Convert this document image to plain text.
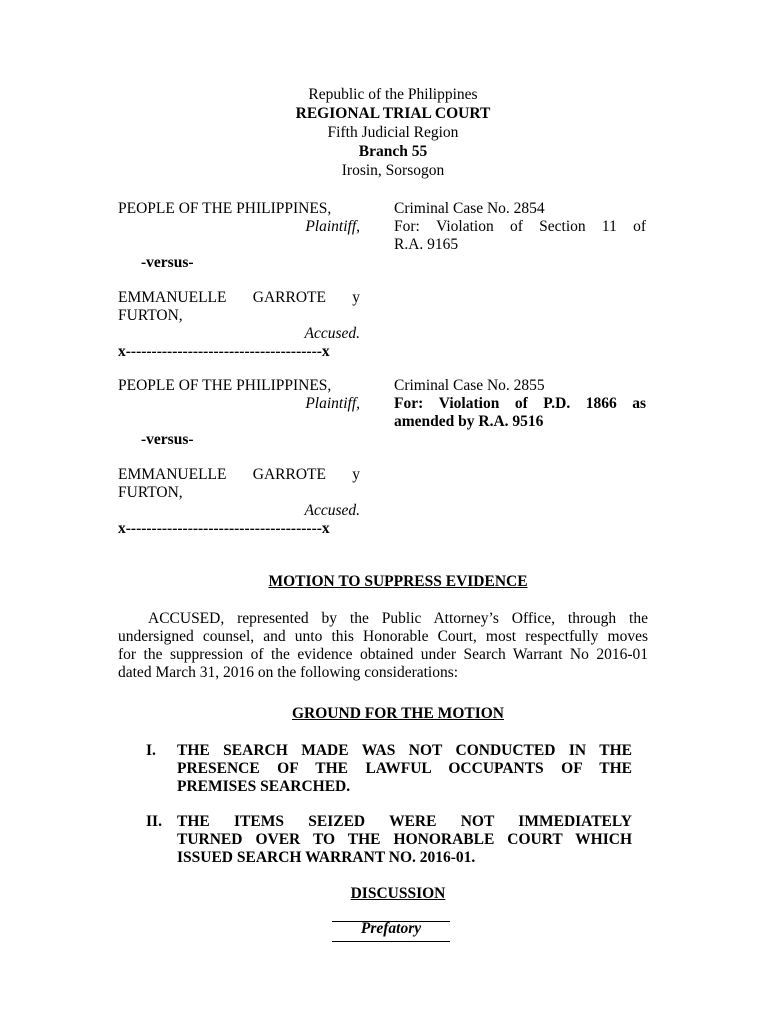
Republic of the Philippines
REGIONAL TRIAL COURT
Fifth Judicial Region
Branch 55
Irosin, Sorsogon
PEOPLE OF THE PHILIPPINES,
Plaintiff,
-versus-
EMMANUELLE GARROTE y
FURTON,
Accused.
x--------------------------------------x
Criminal Case No. 2854
For: Violation of Section 11 of
R.A. 9165
PEOPLE OF THE PHILIPPINES,
Plaintiff,
-versus-
EMMANUELLE GARROTE y
FURTON,
Accused.
x--------------------------------------x
Criminal Case No. 2855
For: Violation of P.D. 1866 as
amended by R.A. 9516
MOTION TO SUPPRESS EVIDENCE
ACCUSED, represented by the Public Attorney’s Office, through the
undersigned counsel, and unto this Honorable Court, most respectfully moves
for the suppression of the evidence obtained under Search Warrant No 2016-01
dated March 31, 2016 on the following considerations:
GROUND FOR THE MOTION
I. THE SEARCH MADE WAS NOT CONDUCTED IN THE
PRESENCE OF THE LAWFUL OCCUPANTS OF THE
PREMISES SEARCHED.
II. THE ITEMS SEIZED WERE NOT IMMEDIATELY
TURNED OVER TO THE HONORABLE COURT WHICH
ISSUED SEARCH WARRANT NO. 2016-01.
DISCUSSION
Prefatory
